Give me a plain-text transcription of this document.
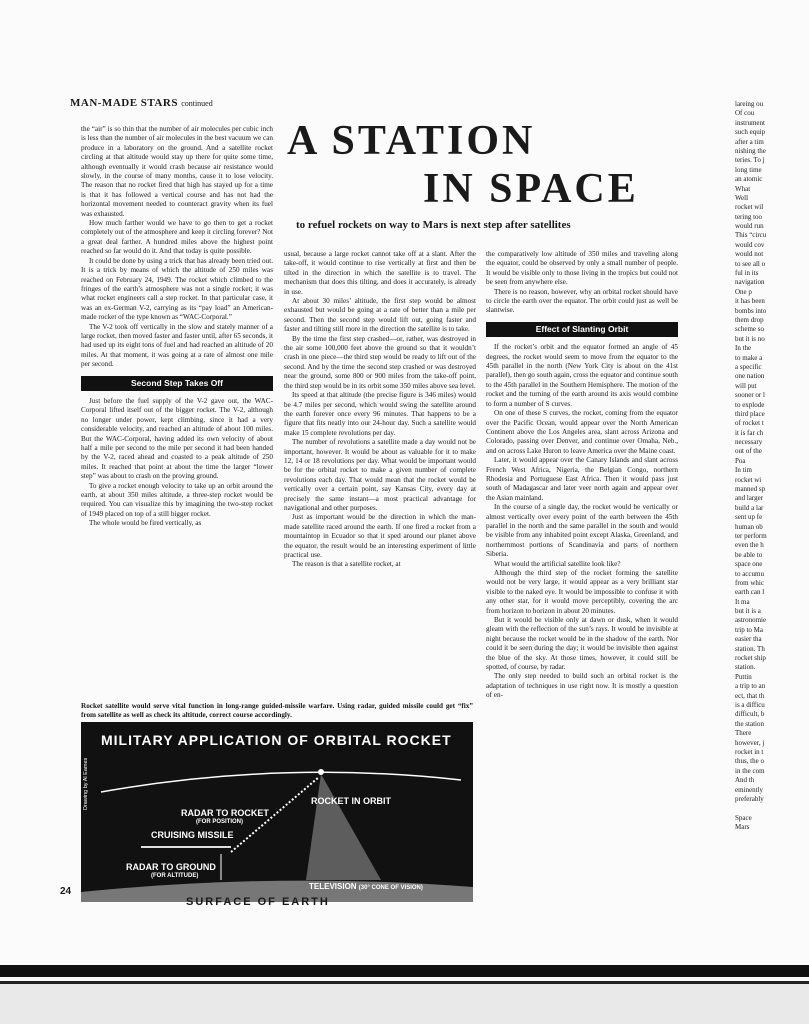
MAN-MADE STARS continued
A STATION
IN SPACE
to refuel rockets on way to Mars is next step after satellites

the “air” is so thin that the number of air molecules per cubic inch is less than the number of air molecules in the best vacuum we can produce in a laboratory on the ground. And a satellite rocket circling at that altitude would stay up there for quite some time, although eventually it would crash because air resistance would slowly, in the course of many months, cause it to lose velocity. The reason that no rocket fired that high has stayed up for a time is that it has followed a vertical course and has not had the horizontal movement needed to counteract gravity when its fuel was exhausted.

How much farther would we have to go then to get a rocket completely out of the atmosphere and keep it circling forever? Not a great deal farther. A hundred miles above the highest point reached so far would do it. And that today is quite possible.

It could be done by using a trick that has already been tried out. It is a trick by means of which the altitude of 250 miles was reached on February 24, 1949. The rocket which climbed to the fringes of the earth’s atmosphere was not a single rocket; it was what rocket engineers call a step rocket. In that particular case, it was an ex-German V-2, carrying as its “pay load” an American-made rocket of the type known as “WAC-Corporal.”

The V-2 took off vertically in the slow and stately manner of a large rocket, then moved faster and faster until, after 65 seconds, it had used up its eight tons of fuel and had reached an altitude of 20 miles. At that moment, it was going at a rate of almost one mile per second.

Second Step Takes Off

Just before the fuel supply of the V-2 gave out, the WAC-Corporal lifted itself out of the bigger rocket. The V-2, although no longer under power, kept climbing, since it had a very considerable velocity, and reached an altitude of about 100 miles. But the WAC-Corporal, having added its own velocity of about half a mile per second to the mile per second it had been handed by the V-2, raced ahead and coasted to a peak altitude of 250 miles. It reached that point at about the time the larger “lower step” was about to crash on the proving ground.

To give a rocket enough velocity to take up an orbit around the earth, at about 350 miles altitude, a three-step rocket would be required. You can visualize this by imagining the two-step rocket of 1949 placed on top of a still bigger rocket.

The whole would be fired vertically, as

usual, because a large rocket cannot take off at a slant. After the take-off, it would continue to rise vertically at first and then be tilted in the direction in which the satellite is to travel. The mechanism that does this tilting, and does it accurately, is already in use.

At about 30 miles’ altitude, the first step would be almost exhausted but would be going at a rate of better than a mile per second. Then the second step would lift out, going faster and faster and tilting still more in the direction the satellite is to take.

By the time the first step crashed—or, rather, was destroyed in the air some 100,000 feet above the ground so that it wouldn’t crash in one piece—the third step would be ready to lift out of the second. And by the time the second step crashed or was destroyed near the ground, some 800 or 900 miles from the take-off point, the third step would be in its orbit some 350 miles above sea level.

Its speed at that altitude (the precise figure is 346 miles) would be 4.7 miles per second, which would swing the satellite around the earth forever once every 96 minutes. That happens to be a figure that fits neatly into our 24-hour day. Such a satellite would make 15 complete revolutions per day.

The number of revolutions a satellite made a day would not be important, however. It would be about as valuable for it to make 12, 14 or 18 revolutions per day. What would be important would be for the orbital rocket to make a given number of complete revolutions each day. That would mean that the rocket would be vertically over a certain point, say Kansas City, every day at precisely the same instant—a most practical advantage for navigational and other purposes.

Just as important would be the direction in which the man-made satellite raced around the earth. If one fired a rocket from a mountaintop in Ecuador so that it sped around our planet above the equator, the result would be an interesting experiment of little practical use.

The reason is that a satellite rocket, at

the comparatively low altitude of 350 miles and traveling along the equator, could be observed by only a small number of people. It would be visible only to those living in the tropics but could not be seen from anywhere else.

There is no reason, however, why an orbital rocket should have to circle the earth over the equator. The orbit could just as well be slantwise.

Effect of Slanting Orbit

If the rocket’s orbit and the equator formed an angle of 45 degrees, the rocket would seem to move from the equator to the 45th parallel in the north (New York City is about on the 41st parallel), then go south again, cross the equator and continue south to the 45th parallel in the Southern Hemisphere. The motion of the rocket and the turning of the earth around its axis would combine to form a number of S curves.

On one of these S curves, the rocket, coming from the equator over the Pacific Ocean, would appear over the North American Continent above the Los Angeles area, slant across Arizona and Colorado, passing over Denver, and continue over Omaha, Neb., and on across Lake Huron to leave America over the Maine coast.

Later, it would appear over the Canary Islands and slant across French West Africa, Nigeria, the Belgian Congo, northern Rhodesia and Portuguese East Africa. Then it would pass just south of Madagascar and later veer north again and appear over the Asian mainland.

In the course of a single day, the rocket would be vertically or almost vertically over every point of the earth between the 45th parallel in the north and the same parallel in the south and would be visible from any inhabited point except Alaska, Greenland, and northernmost portions of Scandinavia and parts of northern Siberia.

What would the artificial satellite look like?

Although the third step of the rocket forming the satellite would not be very large, it would appear as a very brilliant star visible to the naked eye. It would be impossible to confuse it with any other star, for it would move perceptibly, covering the arc from horizon to horizon in about 20 minutes.

But it would be visible only at dawn or dusk, when it would gleam with the reflection of the sun’s rays. It would be invisible at night because the rocket would be in the shadow of the earth. Nor could it be seen during the day; it would be invisible then against the blue of the sky. At those times, however, it could still be spotted, of course, by radar.

The only step needed to build such an orbital rocket is the adaptation of techniques in use right now. It is mostly a question of en-

lareing ou
Of cou
instrument
such equip
after a tim
nishing the
teries. To j
long time
an atomic
What
Well
rocket wil
tering too
would run
This “circu
would cov
would not
to see all o
ful in its
navigation
One p
it has been
bombs into
them drop
scheme so
but it is no
In the
to make a
a specific
one nation
will put
sooner or l
to explode
third place
of rocket t
it is far ch
necessary
out of the
Poa
In tim
rocket wi
manned sp
and larger
build a lar
sent up fe
human ob
ter perform
even the h
be able to
space one
to accumu
from whic
earth can l
It ma
but it is a
astronomie
trip to Ma
easier tha
station. Th
rocket ship
station.
Puttin
a trip to an
ect, that th
is a difficu
difficult, b
the station
There
however, j
rocket in t
thus, the o
in the com
And th
eminently
preferably
Space
Mars
Rocket satellite would serve vital function in long-range guided-missile warfare. Using radar, guided missile could get “fix” from satellite as well as check its altitude, correct course accordingly.
MILITARY APPLICATION OF ORBITAL ROCKET
ROCKET IN ORBIT
RADAR TO ROCKET
(FOR POSITION)
CRUISING MISSILE
RADAR TO GROUND
(FOR ALTITUDE)
TELEVISION (30° CONE OF VISION)
Drawing by Al Eames
SURFACE OF EARTH
24
